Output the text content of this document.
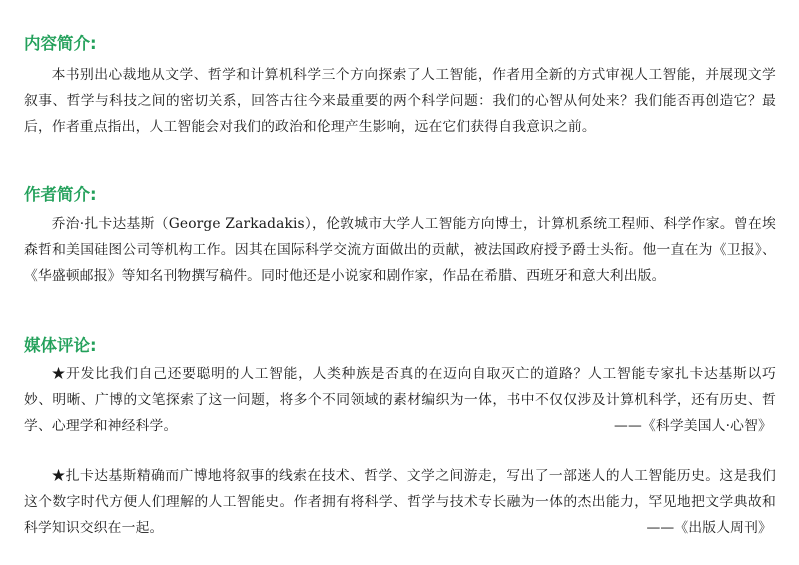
内容简介:

本书别出心裁地从文学、哲学和计算机科学三个方向探索了人工智能，作者用全新的方式审视人工智能，并展现文学叙事、哲学与科技之间的密切关系，回答古往今来最重要的两个科学问题：我们的心智从何处来？我们能否再创造它？最后，作者重点指出，人工智能会对我们的政治和伦理产生影响，远在它们获得自我意识之前。

作者简介:

乔治·扎卡达基斯（George Zarkadakis），伦敦城市大学人工智能方向博士，计算机系统工程师、科学作家。曾在埃森哲和美国硅图公司等机构工作。因其在国际科学交流方面做出的贡献，被法国政府授予爵士头衔。他一直在为《卫报》、《华盛顿邮报》等知名刊物撰写稿件。同时他还是小说家和剧作家，作品在希腊、西班牙和意大利出版。

媒体评论:
★开发比我们自己还要聪明的人工智能，人类种族是否真的在迈向自取灭亡的道路？人工智能专家扎卡达基斯以巧妙、明晰、广博的文笔探索了这一问题，将多个不同领域的素材编织为一体，书中不仅仅涉及计算机科学，还有历史、哲学、心理学和神经科学。	——《科学美国人·心智》
★扎卡达基斯精确而广博地将叙事的线索在技术、哲学、文学之间游走，写出了一部迷人的人工智能历史。这是我们这个数字时代方便人们理解的人工智能史。作者拥有将科学、哲学与技术专长融为一体的杰出能力，罕见地把文学典故和科学知识交织在一起。	——《出版人周刊》
